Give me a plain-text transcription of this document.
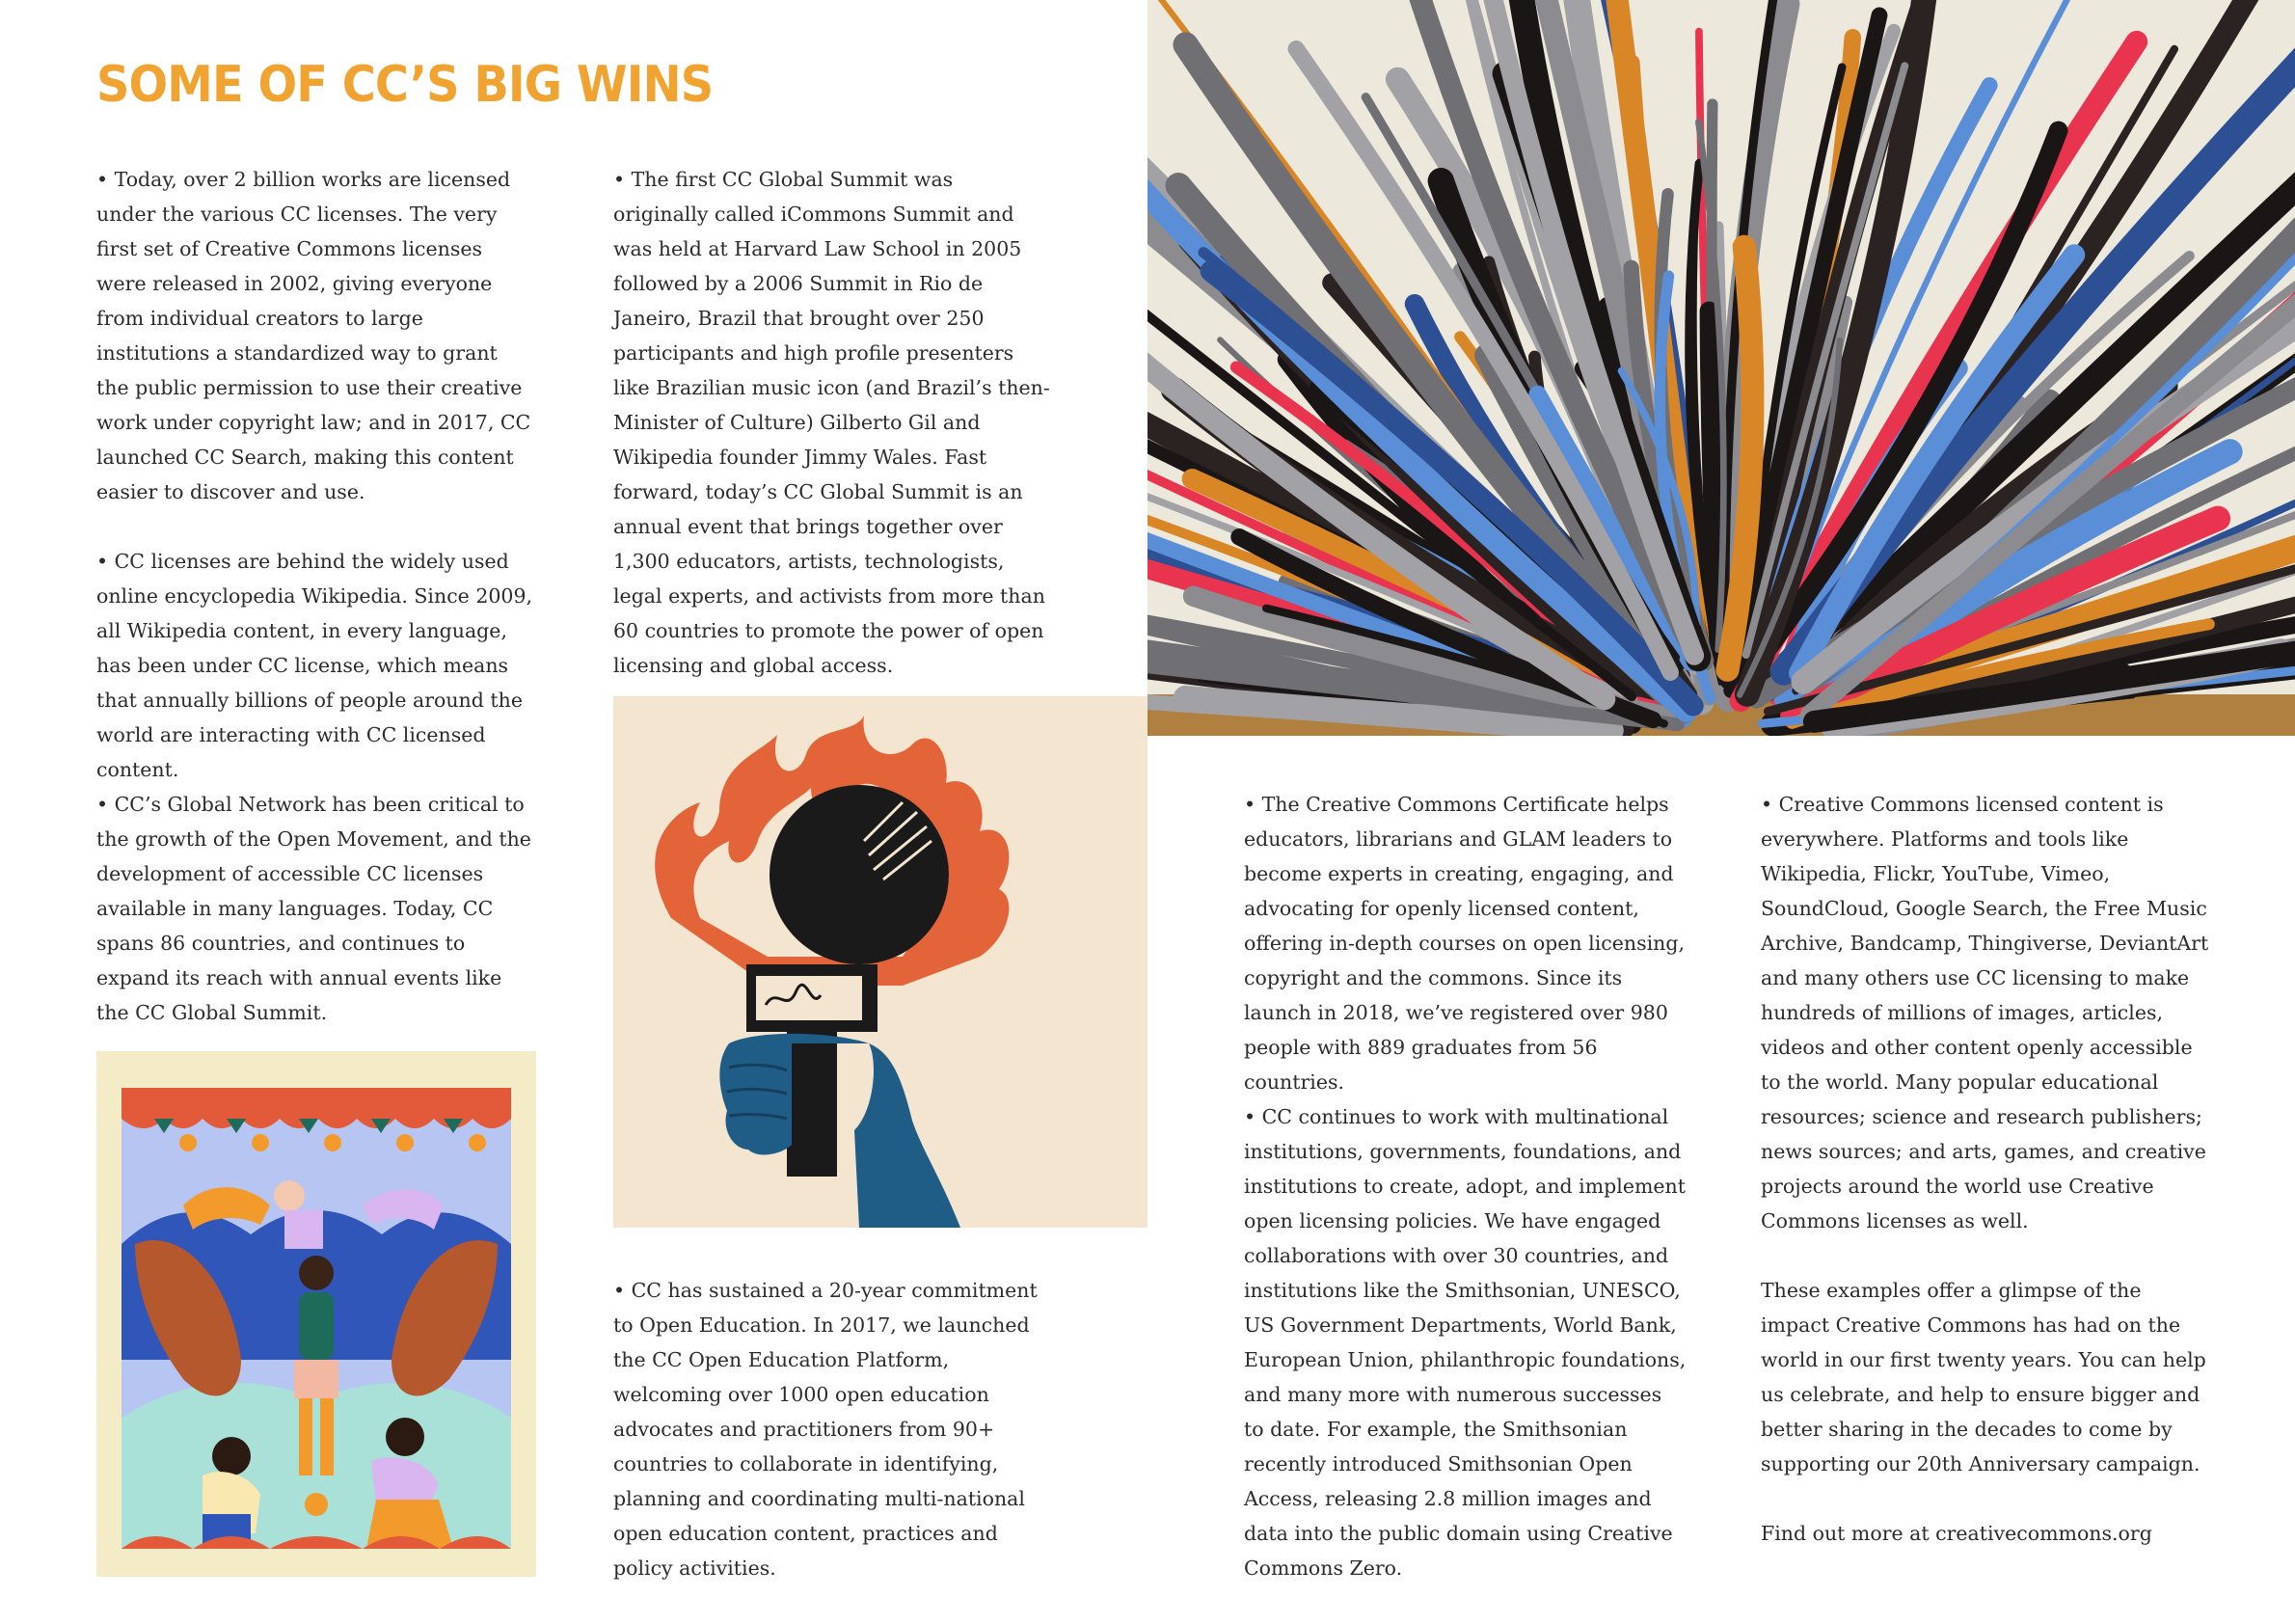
SOME OF CC’S BIG WINS

• Today, over 2 billion works are licensed under the various CC licenses. The very first set of Creative Commons licenses were released in 2002, giving everyone from individual creators to large institutions a standardized way to grant the public permission to use their creative work under copyright law; and in 2017, CC launched CC Search, making this content easier to discover and use.

• CC licenses are behind the widely used online encyclopedia Wikipedia. Since 2009, all Wikipedia content, in every language, has been under CC license, which means that annually billions of people around the world are interacting with CC licensed content.

• CC’s Global Network has been critical to the growth of the Open Movement, and the development of accessible CC licenses available in many languages. Today, CC spans 86 countries, and continues to expand its reach with annual events like the CC Global Summit.

• The first CC Global Summit was originally called iCommons Summit and was held at Harvard Law School in 2005 followed by a 2006 Summit in Rio de Janeiro, Brazil that brought over 250 participants and high profile presenters like Brazilian music icon (and Brazil’s then-Minister of Culture) Gilberto Gil and Wikipedia founder Jimmy Wales. Fast forward, today’s CC Global Summit is an annual event that brings together over 1,300 educators, artists, technologists, legal experts, and activists from more than 60 countries to promote the power of open licensing and global access.

• CC has sustained a 20-year commitment to Open Education. In 2017, we launched the CC Open Education Platform, welcoming over 1000 open education advocates and practitioners from 90+ countries to collaborate in identifying, planning and coordinating multi-national open education content, practices and policy activities.

• The Creative Commons Certificate helps educators, librarians and GLAM leaders to become experts in creating, engaging, and advocating for openly licensed content, offering in-depth courses on open licensing, copyright and the commons. Since its launch in 2018, we’ve registered over 980 people with 889 graduates from 56 countries.

• CC continues to work with multinational institutions, governments, foundations, and institutions to create, adopt, and implement open licensing policies. We have engaged collaborations with over 30 countries, and institutions like the Smithsonian, UNESCO, US Government Departments, World Bank, European Union, philanthropic foundations, and many more with numerous successes to date. For example, the Smithsonian recently introduced Smithsonian Open Access, releasing 2.8 million images and data into the public domain using Creative Commons Zero.

• Creative Commons licensed content is everywhere. Platforms and tools like Wikipedia, Flickr, YouTube, Vimeo, SoundCloud, Google Search, the Free Music Archive, Bandcamp, Thingiverse, DeviantArt and many others use CC licensing to make hundreds of millions of images, articles, videos and other content openly accessible to the world. Many popular educational resources; science and research publishers; news sources; and arts, games, and creative projects around the world use Creative Commons licenses as well.

These examples offer a glimpse of the impact Creative Commons has had on the world in our first twenty years. You can help us celebrate, and help to ensure bigger and better sharing in the decades to come by supporting our 20th Anniversary campaign.

Find out more at creativecommons.org
